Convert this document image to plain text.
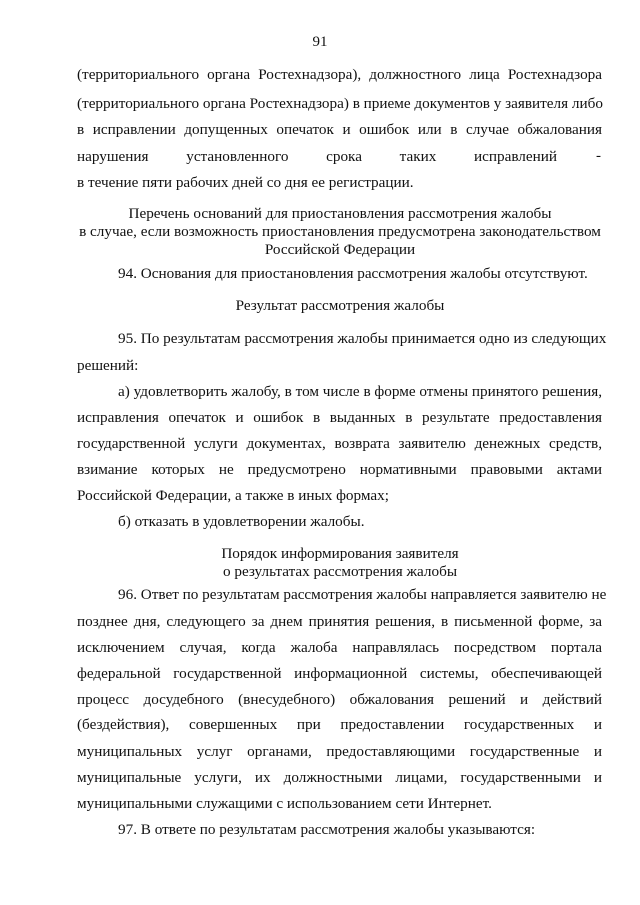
91
(территориального органа Ростехнадзора), должностного лица Ростехнадзора
(территориального органа Ростехнадзора) в приеме документов у заявителя либо
в исправлении допущенных опечаток и ошибок или в случае обжалования
нарушения установленного срока таких исправлений	-
в течение пяти рабочих дней со дня ее регистрации.
Перечень оснований для приостановления рассмотрения жалобы
в случае, если возможность приостановления предусмотрена законодательством
Российской Федерации
94. Основания для приостановления рассмотрения жалобы отсутствуют.
Результат рассмотрения жалобы
95. По результатам рассмотрения жалобы принимается одно из следующих
решений:
а) удовлетворить жалобу, в том числе в форме отмены принятого решения,
исправления опечаток и ошибок в выданных в результате предоставления
государственной услуги документах, возврата заявителю денежных средств,
взимание которых не предусмотрено нормативными правовыми актами
Российской Федерации, а также в иных формах;
б) отказать в удовлетворении жалобы.
Порядок информирования заявителя
о результатах рассмотрения жалобы
96. Ответ по результатам рассмотрения жалобы направляется заявителю не
позднее дня, следующего за днем принятия решения, в письменной форме, за
исключением случая, когда жалоба направлялась посредством портала
федеральной государственной информационной системы, обеспечивающей
процесс досудебного (внесудебного) обжалования решений и действий
(бездействия), совершенных при предоставлении государственных и
муниципальных услуг органами, предоставляющими государственные и
муниципальные услуги, их должностными лицами, государственными и
муниципальными служащими с использованием сети Интернет.
97. В ответе по результатам рассмотрения жалобы указываются:
